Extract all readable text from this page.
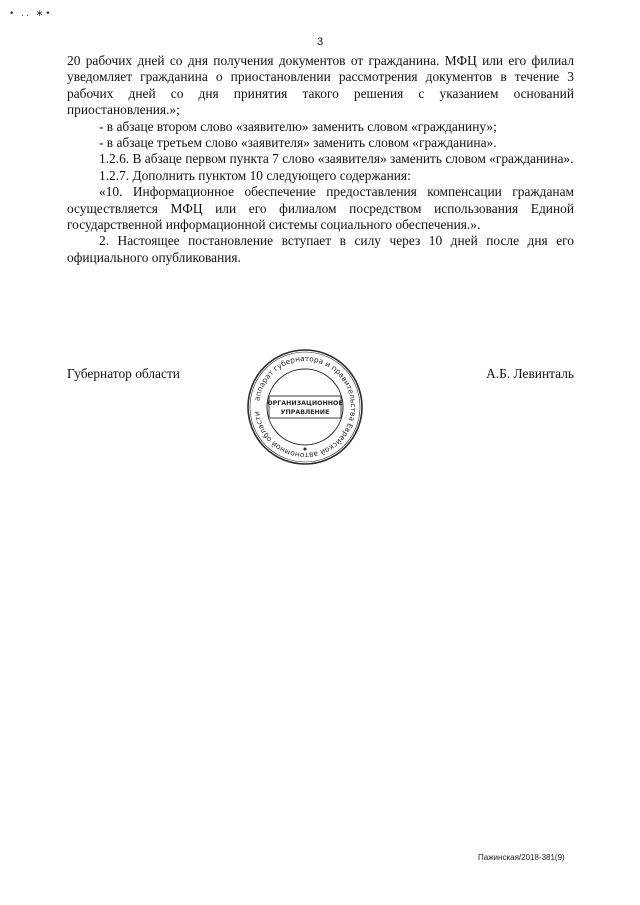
• .. ∗•
3

20 рабочих дней со дня получения документов от гражданина. МФЦ или его филиал уведомляет гражданина о приостановлении рассмотрения документов в течение 3 рабочих дней со дня принятия такого решения с указанием оснований приостановления.»;

- в абзаце втором слово «заявителю» заменить словом «гражданину»;

- в абзаце третьем слово «заявителя» заменить словом «гражданина».

1.2.6. В абзаце первом пункта 7 слово «заявителя» заменить словом «гражданина».

1.2.7. Дополнить пунктом 10 следующего содержания:

«10. Информационное обеспечение предоставления компенсации гражданам осуществляется МФЦ или его филиалом посредством использования Единой государственной информационной системы социального обеспечения.».

2. Настоящее постановление вступает в силу через 10 дней после дня его официального опубликования.

Губернатор области	А.Б. Левинталь
аппарат губернатора и правительства Еврейской автономной области
ОРГАНИЗАЦИОННОЕ
УПРАВЛЕНИЕ
Пажинская/2018-381(9)
